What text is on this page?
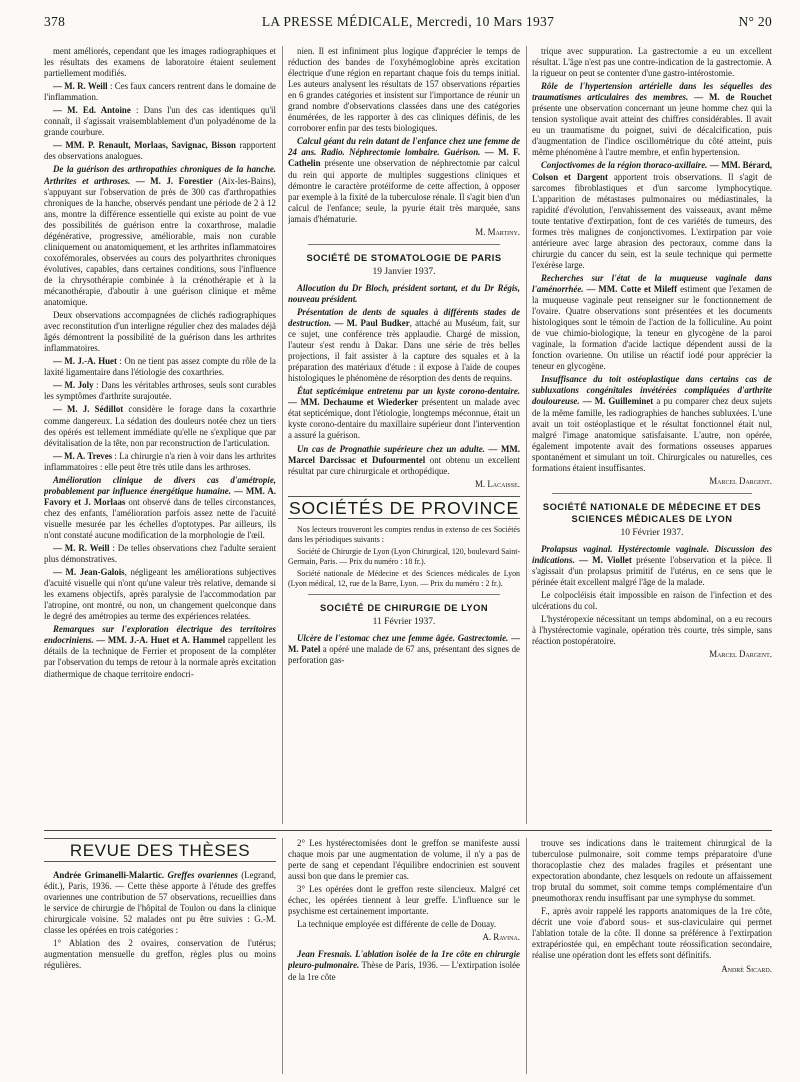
378	LA PRESSE MÉDICALE, Mercredi, 10 Mars 1937	N° 20

ment améliorés, cependant que les images radiographiques et les résultats des examens de laboratoire étaient seulement partiellement modifiés.

— M. R. Weill : Ces faux cancers rentrent dans le domaine de l'inflammation.

— M. Ed. Antoine : Dans l'un des cas identiques qu'il connaît, il s'agissait vraisemblablement d'un polyadénome de la grande courbure.

— MM. P. Renault, Morlaas, Savignac, Bisson rapportent des observations analogues.

De la guérison des arthropathies chroniques de la hanche. Arthrites et arthroses. — M. J. Forestier (Aix-les-Bains), s'appuyant sur l'observation de près de 300 cas d'arthropathies chroniques de la hanche, observés pendant une période de 2 à 12 ans, montre la différence essentielle qui existe au point de vue des possibilités de guérison entre la coxarthrose, maladie dégénérative, progressive, améliorable, mais non curable cliniquement ou anatomiquement, et les arthrites inflammatoires coxofémorales, observées au cours des polyarthrites chroniques évolutives, capables, dans certaines conditions, sous l'influence de la chrysothérapie combinée à la crénothérapie et à la mécanothérapie, d'aboutir à une guérison clinique et même anatomique.

Deux observations accompagnées de clichés radiographiques avec reconstitution d'un interligne régulier chez des malades déjà âgés démontrent la possibilité de la guérison dans les arthrites inflammatoires.

— M. J.-A. Huet : On ne tient pas assez compte du rôle de la laxité ligamentaire dans l'étiologie des coxarthries.

— M. Joly : Dans les véritables arthroses, seuls sont curables les symptômes d'arthrite surajoutée.

— M. J. Sédillot considère le forage dans la coxarthrie comme dangereux. La sédation des douleurs notée chez un tiers des opérés est tellement immédiate qu'elle ne s'explique que par dévitalisation de la tête, non par reconstruction de l'articulation.

— M. A. Treves : La chirurgie n'a rien à voir dans les arthrites inflammatoires : elle peut être très utile dans les arthroses.

Amélioration clinique de divers cas d'amétropie, probablement par influence énergétique humaine. — MM. A. Favory et J. Morlaas ont observé dans de telles circonstances, chez des enfants, l'amélioration parfois assez nette de l'acuité visuelle mesurée par les échelles d'optotypes. Par ailleurs, ils n'ont constaté aucune modification de la morphologie de l'œil.

— M. R. Weill : De telles observations chez l'adulte seraient plus démonstratives.

— M. Jean-Galois, négligeant les améliorations subjectives d'acuité visuelle qui n'ont qu'une valeur très relative, demande si les examens objectifs, après paralysie de l'accommodation par l'atropine, ont montré, ou non, un changement quelconque dans le degré des amétropies au terme des expériences relatées.

Remarques sur l'exploration électrique des territoires endocriniens. — MM. J.-A. Huet et A. Hammel rappellent les détails de la technique de Ferrier et proposent de la compléter par l'observation du temps de retour à la normale après excitation diathermique de chaque territoire endocri-

nien. Il est infiniment plus logique d'apprécier le temps de réduction des bandes de l'oxyhémoglobine après excitation électrique d'une région en repartant chaque fois du temps initial. Les auteurs analysent les résultats de 157 observations réparties en 6 grandes catégories et insistent sur l'importance de réunir un grand nombre d'observations classées dans une des catégories énumérées, de les rapporter à des cas cliniques définis, de les corroborer enfin par des tests biologiques.

Calcul géant du rein datant de l'enfance chez une femme de 24 ans. Radio. Néphrectomie lombaire. Guérison. — M. F. Cathelin présente une observation de néphrectomie par calcul du rein qui apporte de multiples suggestions cliniques et démontre le caractère protéiforme de cette affection, à opposer par exemple à la fixité de la tuberculose rénale. Il s'agit bien d'un calcul de l'enfance; seule, la pyurie était très marquée, sans jamais d'hématurie.

M. Martiny.

SOCIÉTÉ DE STOMATOLOGIE DE PARIS

19 Janvier 1937.

Allocution du Dr Bloch, président sortant, et du Dr Régis, nouveau président.

Présentation de dents de squales à différents stades de destruction. — M. Paul Budker, attaché au Muséum, fait, sur ce sujet, une conférence très applaudie. Chargé de mission, l'auteur s'est rendu à Dakar. Dans une série de très belles projections, il fait assister à la capture des squales et à la préparation des matériaux d'étude : il expose à l'aide de coupes histologiques le phénomène de résorption des dents de requins.

État septicémique entretenu par un kyste corono-dentaire. — MM. Dechaume et Wiederker présentent un malade avec état septicémique, dont l'étiologie, longtemps méconnue, était un kyste corono-dentaire du maxillaire supérieur dont l'intervention a assuré la guérison.

Un cas de Prognathie supérieure chez un adulte. — MM. Marcel Darcissac et Dufourmentel ont obtenu un excellent résultat par cure chirurgicale et orthopédique.

M. Lacaisse.

SOCIÉTÉS DE PROVINCE

Nos lecteurs trouveront les comptes rendus in extenso de ces Sociétés dans les périodiques suivants :

Société de Chirurgie de Lyon (Lyon Chirurgical, 120, boulevard Saint-Germain, Paris. — Prix du numéro : 18 fr.).

Société nationale de Médecine et des Sciences médicales de Lyon (Lyon médical, 12, rue de la Barre, Lyon. — Prix du numéro : 2 fr.).

SOCIÉTÉ DE CHIRURGIE DE LYON

11 Février 1937.

Ulcère de l'estomac chez une femme âgée. Gastrectomie. — M. Patel a opéré une malade de 67 ans, présentant des signes de perforation gas-

trique avec suppuration. La gastrectomie a eu un excellent résultat. L'âge n'est pas une contre-indication de la gastrectomie. A la rigueur on peut se contenter d'une gastro-intérostomie.

Rôle de l'hypertension artérielle dans les séquelles des traumatismes articulaires des membres. — M. de Rouchet présente une observation concernant un jeune homme chez qui la tension systolique avait atteint des chiffres considérables. Il avait eu un traumatisme du poignet, suivi de décalcification, puis d'augmentation de l'indice oscillométrique du côté atteint, puis même phénomène à l'autre membre, et enfin hypertension.

Conjoctivomes de la région thoraco-axillaire. — MM. Bérard, Colson et Dargent apportent trois observations. Il s'agit de sarcomes fibroblastiques et d'un sarcome lymphocytique. L'apparition de métastases pulmonaires ou médiastinales, la rapidité d'évolution, l'envahissement des vaisseaux, avant même toute tentative d'extirpation, font de ces variétés de tumeurs, des formes très malignes de conjonctivomes. L'extirpation par voie antérieure avec large abrasion des pectoraux, comme dans la chirurgie du cancer du sein, est la seule technique qui permette l'exérèse large.

Recherches sur l'état de la muqueuse vaginale dans l'aménorrhée. — MM. Cotte et Mileff estiment que l'examen de la muqueuse vaginale peut renseigner sur le fonctionnement de l'ovaire. Quatre observations sont présentées et les documents histologiques sont le témoin de l'action de la folliculine. Au point de vue chimio-biologique, la teneur en glycogène de la paroi vaginale, la formation d'acide lactique dépendent aussi de la fonction ovarienne. On utilise un réactif iodé pour apprécier la teneur en glycogène.

Insuffisance du toit ostéoplastique dans certains cas de subluxations congénitales invétérées compliquées d'arthrite douloureuse. — M. Guilleminet a pu comparer chez deux sujets de la même famille, les radiographies de hanches subluxées. L'une avait un toit ostéoplastique et le résultat fonctionnel était nul, malgré l'image anatomique satisfaisante. L'autre, non opérée, également impotente avait des formations osseuses apparues spontanément et simulant un toit. Chirurgicales ou naturelles, ces formations étaient insuffisantes.

Marcel Dargent.

SOCIÉTÉ NATIONALE DE MÉDECINE ET DES SCIENCES MÉDICALES DE LYON

10 Février 1937.

Prolapsus vaginal. Hystérectomie vaginale. Discussion des indications. — M. Viollet présente l'observation et la pièce. Il s'agissait d'un prolapsus primitif de l'utérus, en ce sens que le périnée était excellent malgré l'âge de la malade.

Le colpocléisis était impossible en raison de l'infection et des ulcérations du col.

L'hystéropexie nécessitant un temps abdominal, on a eu recours à l'hystérectomie vaginale, opération très courte, très simple, sans réaction postopératoire.

Marcel Dargent.

REVUE DES THÈSES

Andrée Grimanelli-Malartic. Greffes ovariennes (Legrand, édit.), Paris, 1936. — Cette thèse apporte à l'étude des greffes ovariennes une contribution de 57 observations, recueillies dans le service de chirurgie de l'hôpital de Toulon ou dans la clinique chirurgicale voisine. 52 malades ont pu être suivies : G.-M. classe les opérées en trois catégories :

1° Ablation des 2 ovaires, conservation de l'utérus; augmentation mensuelle du greffon, règles plus ou moins régulières.

2° Les hystérectomisées dont le greffon se manifeste aussi chaque mois par une augmentation de volume, il n'y a pas de perte de sang et cependant l'équilibre endocrinien est souvent aussi bon que dans le premier cas.

3° Les opérées dont le greffon reste silencieux. Malgré cet échec, les opérées tiennent à leur greffe. L'influence sur le psychisme est certainement importante.

La technique employée est différente de celle de Douay.

A. Ravina.

Jean Fresnais. L'ablation isolée de la 1re côte en chirurgie pleuro-pulmonaire. Thèse de Paris, 1936. — L'extirpation isolée de la 1re côte

trouve ses indications dans le traitement chirurgical de la tuberculose pulmonaire, soit comme temps préparatoire d'une thoracoplastie chez des malades fragiles et présentant une expectoration abondante, chez lesquels on redoute un affaissement trop brutal du sommet, soit comme temps complémentaire d'un pneumothorax rendu insuffisant par une symphyse du sommet.

F., après avoir rappelé les rapports anatomiques de la 1re côte, décrit une voie d'abord sous- et sus-claviculaire qui permet l'ablation totale de la côte. Il donne sa préférence à l'extirpation extrapériostée qui, en empêchant toute réossification secondaire, réalise une opération dont les effets sont définitifs.

André Sicard.
